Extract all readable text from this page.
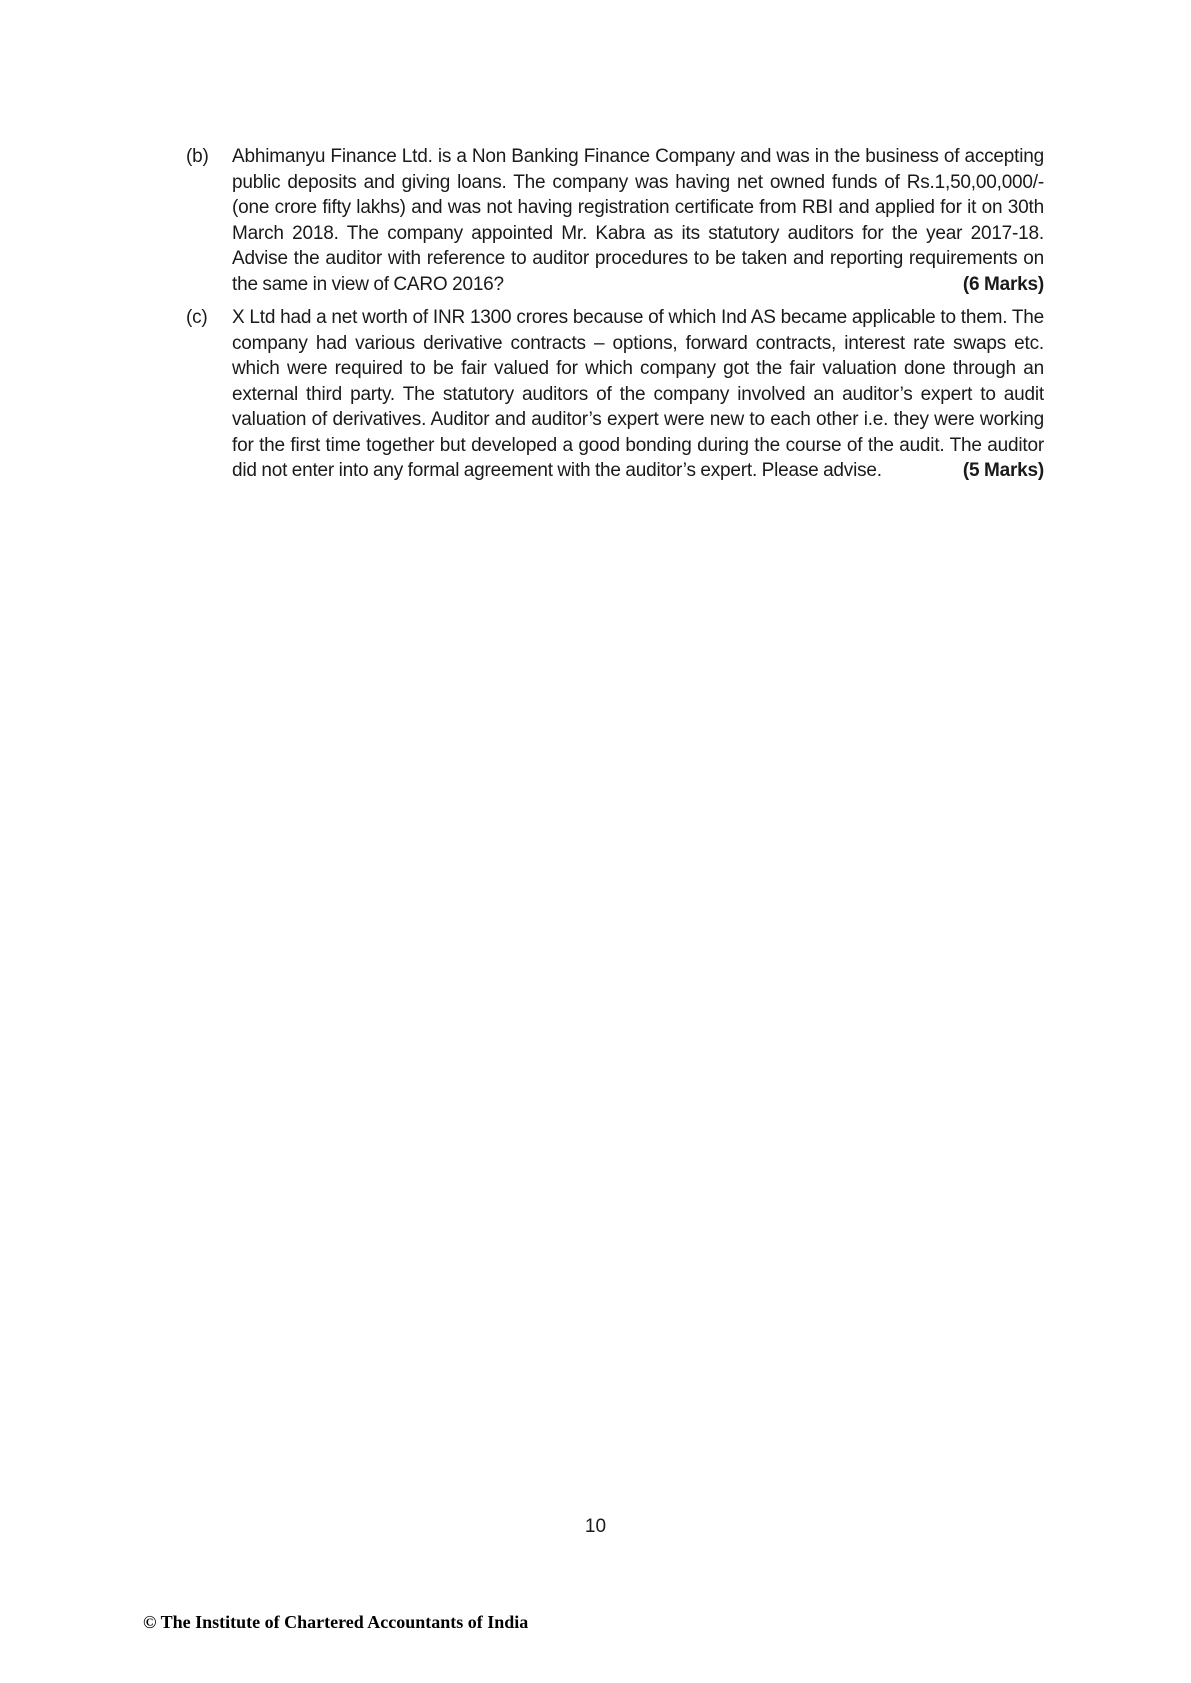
(b) Abhimanyu Finance Ltd. is a Non Banking Finance Company and was in the business of accepting public deposits and giving loans. The company was having net owned funds of Rs.1,50,00,000/- (one crore fifty lakhs) and was not having registration certificate from RBI and applied for it on 30th March 2018. The company appointed Mr. Kabra as its statutory auditors for the year 2017-18. Advise the auditor with reference to auditor procedures to be taken and reporting requirements on the same in view of CARO 2016?	(6 Marks)
(c) X Ltd had a net worth of INR 1300 crores because of which Ind AS became applicable to them. The company had various derivative contracts – options, forward contracts, interest rate swaps etc. which were required to be fair valued for which company got the fair valuation done through an external third party. The statutory auditors of the company involved an auditor’s expert to audit valuation of derivatives. Auditor and auditor’s expert were new to each other i.e. they were working for the first time together but developed a good bonding during the course of the audit. The auditor did not enter into any formal agreement with the auditor’s expert. Please advise.	(5 Marks)
10
© The Institute of Chartered Accountants of India
